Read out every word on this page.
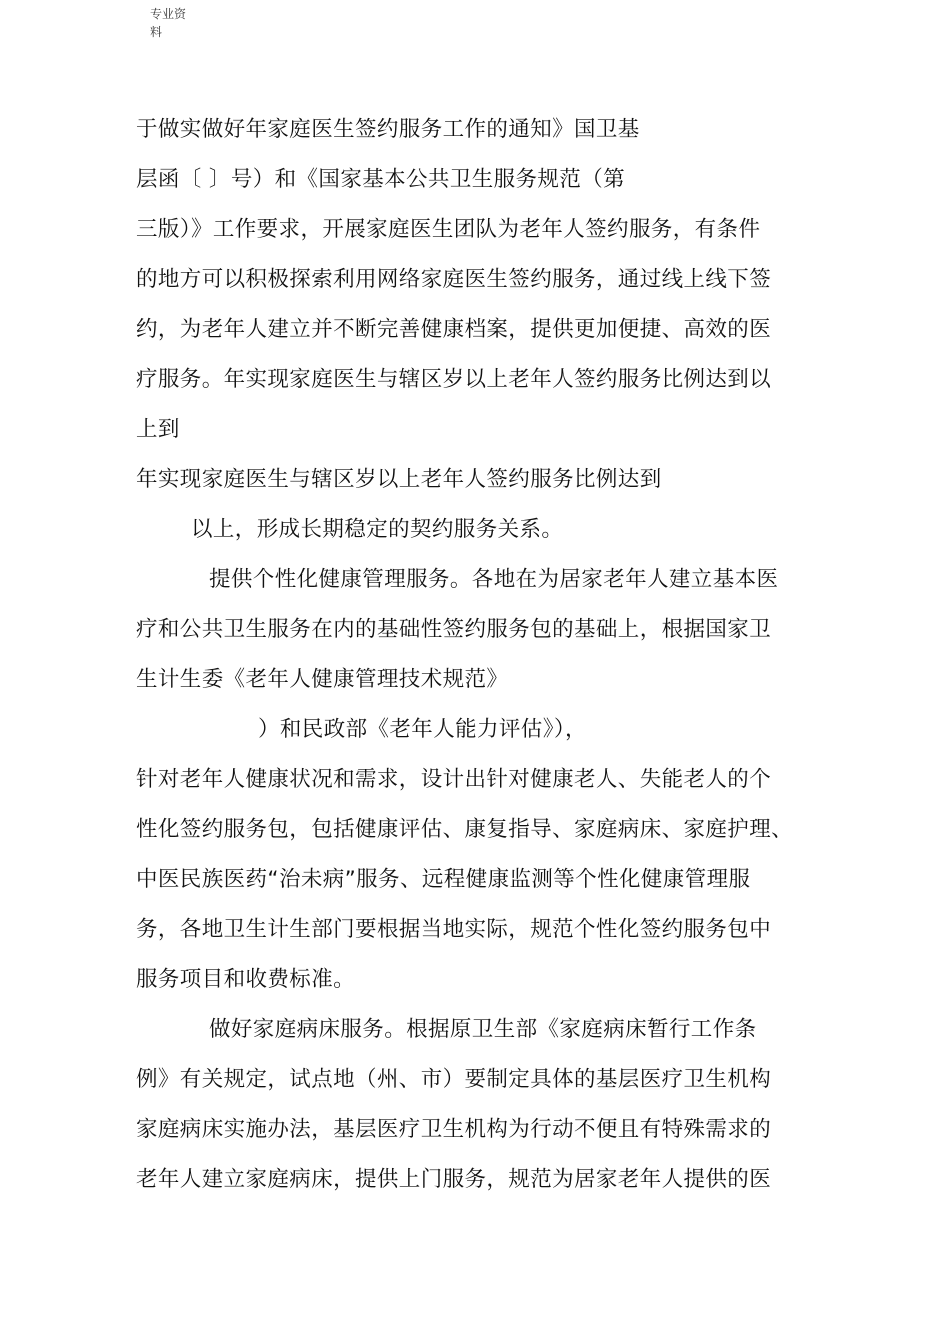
专业资
料
于做实做好年家庭医生签约服务工作的通知》国卫基
层函〔 〕号）和《国家基本公共卫生服务规范（第
三版）》工作要求，开展家庭医生团队为老年人签约服务，有条件
的地方可以积极探索利用网络家庭医生签约服务，通过线上线下签
约，为老年人建立并不断完善健康档案，提供更加便捷、高效的医
疗服务。年实现家庭医生与辖区岁以上老年人签约服务比例达到以
上到
年实现家庭医生与辖区岁以上老年人签约服务比例达到
以上，形成长期稳定的契约服务关系。
提供个性化健康管理服务。各地在为居家老年人建立基本医
疗和公共卫生服务在内的基础性签约服务包的基础上，根据国家卫
生计生委《老年人健康管理技术规范》
）和民政部《老年人能力评估》），
针对老年人健康状况和需求，设计出针对健康老人、失能老人的个
性化签约服务包，包括健康评估、康复指导、家庭病床、家庭护理、
中医民族医药“治未病”服务、远程健康监测等个性化健康管理服
务，各地卫生计生部门要根据当地实际，规范个性化签约服务包中
服务项目和收费标准。
做好家庭病床服务。根据原卫生部《家庭病床暂行工作条
例》有关规定，试点地（州、市）要制定具体的基层医疗卫生机构
家庭病床实施办法，基层医疗卫生机构为行动不便且有特殊需求的
老年人建立家庭病床，提供上门服务，规范为居家老年人提供的医
